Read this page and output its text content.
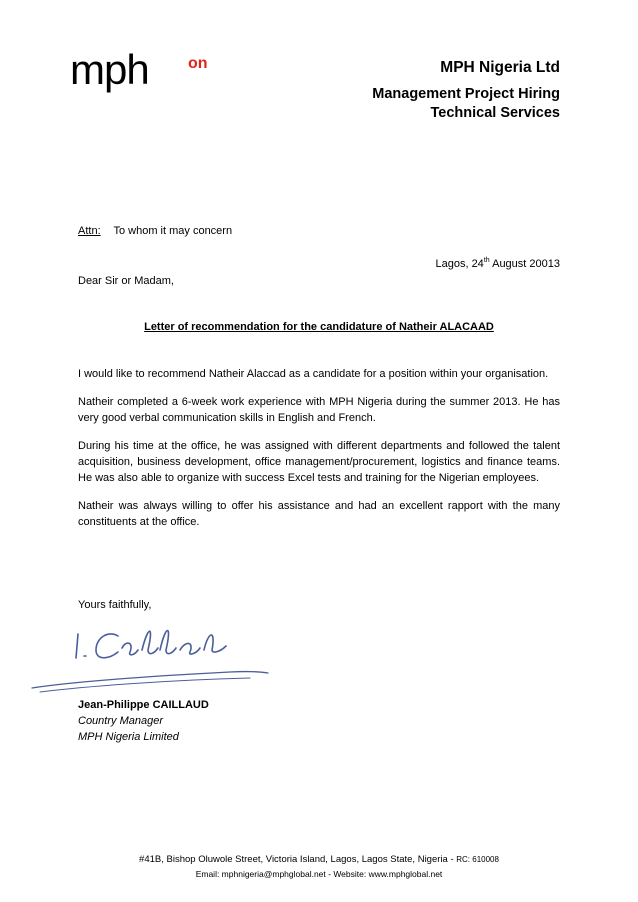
mph on	MPH Nigeria Ltd
Management Project Hiring
Technical Services
Attn: To whom it may concern
Lagos, 24th August 20013
Dear Sir or Madam,
Letter of recommendation for the candidature of Natheir ALACAAD

I would like to recommend Natheir Alaccad as a candidate for a position within your organisation.

Natheir completed a 6-week work experience with MPH Nigeria during the summer 2013. He has very good verbal communication skills in English and French.

During his time at the office, he was assigned with different departments and followed the talent acquisition, business development, office management/procurement, logistics and finance teams. He was also able to organize with success Excel tests and training for the Nigerian employees.

Natheir was always willing to offer his assistance and had an excellent rapport with the many constituents at the office.

Yours faithfully,
Jean-Philippe CAILLAUD
Country Manager
MPH Nigeria Limited
#41B, Bishop Oluwole Street, Victoria Island, Lagos, Lagos State, Nigeria - RC: 610008
Email: mphnigeria@mphglobal.net - Website: www.mphglobal.net
